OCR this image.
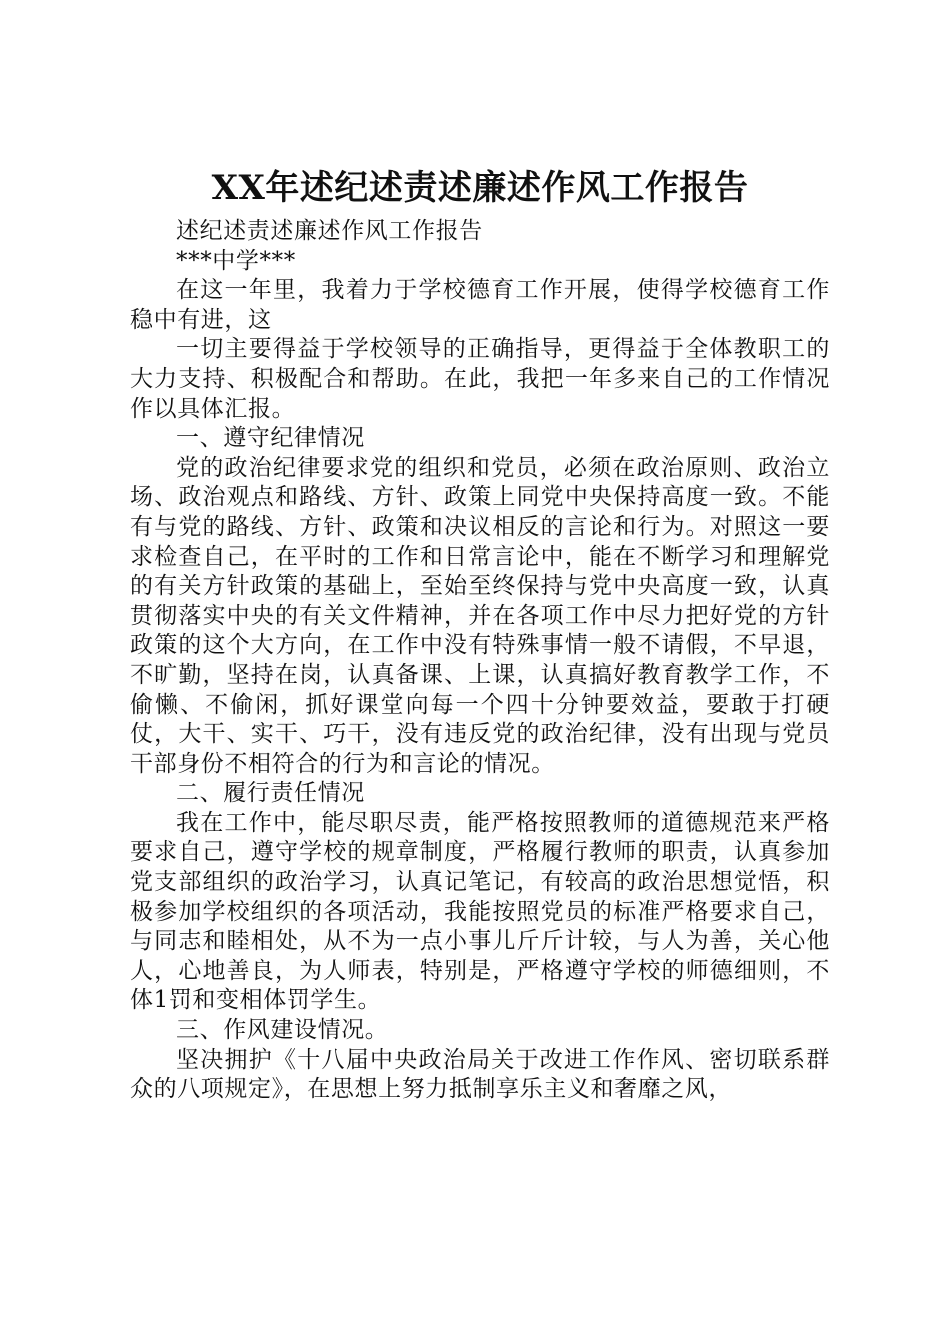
XX年述纪述责述廉述作风工作报告

述纪述责述廉述作风工作报告

***中学***

在这一年里，我着力于学校德育工作开展，使得学校德育工作稳中有进，这

一切主要得益于学校领导的正确指导，更得益于全体教职工的大力支持、积极配合和帮助。在此，我把一年多来自己的工作情况作以具体汇报。

一、遵守纪律情况

党的政治纪律要求党的组织和党员，必须在政治原则、政治立场、政治观点和路线、方针、政策上同党中央保持高度一致。不能有与党的路线、方针、政策和决议相反的言论和行为。对照这一要求检查自己，在平时的工作和日常言论中，能在不断学习和理解党的有关方针政策的基础上，至始至终保持与党中央高度一致，认真贯彻落实中央的有关文件精神，并在各项工作中尽力把好党的方针政策的这个大方向，在工作中没有特殊事情一般不请假，不早退，不旷勤，坚持在岗，认真备课、上课，认真搞好教育教学工作，不偷懒、不偷闲，抓好课堂向每一个四十分钟要效益，要敢于打硬仗，大干、实干、巧干，没有违反党的政治纪律，没有出现与党员干部身份不相符合的行为和言论的情况。

二、履行责任情况

我在工作中，能尽职尽责，能严格按照教师的道德规范来严格要求自己，遵守学校的规章制度，严格履行教师的职责，认真参加党支部组织的政治学习，认真记笔记，有较高的政治思想觉悟，积极参加学校组织的各项活动，我能按照党员的标准严格要求自己，与同志和睦相处，从不为一点小事儿斤斤计较，与人为善，关心他人，心地善良，为人师表，特别是，严格遵守学校的师德细则，不体1罚和变相体罚学生。

三、作风建设情况。

坚决拥护《十八届中央政治局关于改进工作作风、密切联系群众的八项规定》，在思想上努力抵制享乐主义和奢靡之风，
